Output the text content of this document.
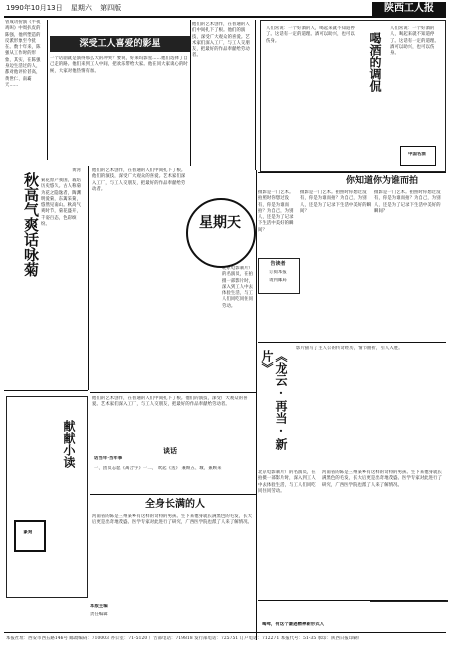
1990年10月13日 星期六 第四版	陕西工人报
曾成功扮演《半夜鸡叫》中周扒皮的陈强，他所塑造的反派形象至今犹在。数十年来，陈强从工作时的形象，其实，在陈强身边生活过的人，都对他评价甚高，黄世仁、南霸天……
深受工人喜爱的影星
一个话剧就是演得那么大的冲突？要说，好莱坞影星……他们选择了自己走的路。他们来到工人中间，把欢乐带给大家。他在同大家谈心的时候，大家对他热情有加。
秋高气爽话咏菊
黄河
菊花原产我国，栽培历史悠久。古人称菊为花之隐逸者，陶渊明爱菊，东篱采菊，悠然见南山。秋高气爽时节，菊花盛开，千姿百态，色彩缤纷。
他们的艺术创作，在普通的人们中间扎下了根。他们的演技，深受广大观众的喜爱。艺术家们深入工厂，与工人交朋友，把最好的作品奉献给劳动者。
星期天
他们的艺术创作，在普通的人们中间扎下了根。他们的演技，深受广大观众的喜爱。艺术家们深入工厂，与工人交朋友，把最好的作品奉献给劳动者。	喝酒的调侃
人们常说：一个好酒的人，喝起来就不知道停了。这话有一定的道理。酒可以助兴，也可以伤身。
人们常说：一个好酒的人，喝起来就不知道停了。这话有一定的道理。酒可以助兴，也可以伤身。
中国名酒
你知道你为谁而拍
摄影是一门艺术。拍照时你想过没有，你是为谁而拍？为自己，为别人，还是为了记录下生活中美好的瞬间？
摄影是一门艺术。拍照时你想过没有，你是为谁而拍？为自己，为别人，还是为了记录下生活中美好的瞬间？
摄影是一门艺术。拍照时你想过没有，你是为谁而拍？为自己，为别人，还是为了记录下生活中美好的瞬间？
告读者
订阅本报
请到邮局
《龙云·再当·新片》
影片描写了主人公的传奇经历，情节曲折，引人入胜。
他们的艺术创作，在普通的人们中间扎下了根。他们的演技，深受广大观众的喜爱。艺术家们深入工厂，与工人交朋友，把最好的作品奉献给劳动者。
谈话
话当年·当年事
一、团员志愿《离合字》一二、 吹起《送》 兼顾五、城、兼顾来
北京电影制片厂的名演员，在拍摄一部影片时，深入到工人中去体验生活，与工人们同吃同住同劳动。
全身长满的人
河南省的陈是三州某乡有这样的奇特的男孩。生下来他身就长满黑色的毛发，长大后更是出奇地茂盛。医学专家对此进行了研究，广西医学院也派了人来了解情况。
北京电影制片厂的名演员，在拍摄一部影片时，深入到工人中去体验生活，与工人们同吃同住同劳动。
河南省的陈是三州某乡有这样的奇特的男孩。生下来他身就长满黑色的毛发，长大后更是出奇地茂盛。医学专家对此进行了研究，广西医学院也派了人来了解情况。
喝啤，有这个谦逊精神新形式人
献献小读
篆刻
本版主编
责任编辑
本报社址：西安市西五路146号 邮政编码：710003 办公室：71-5120 广告部电话：719818 发行部电话：725751 订户电话：712271 本报代号：51-35 承印：陕西日报印刷厂
